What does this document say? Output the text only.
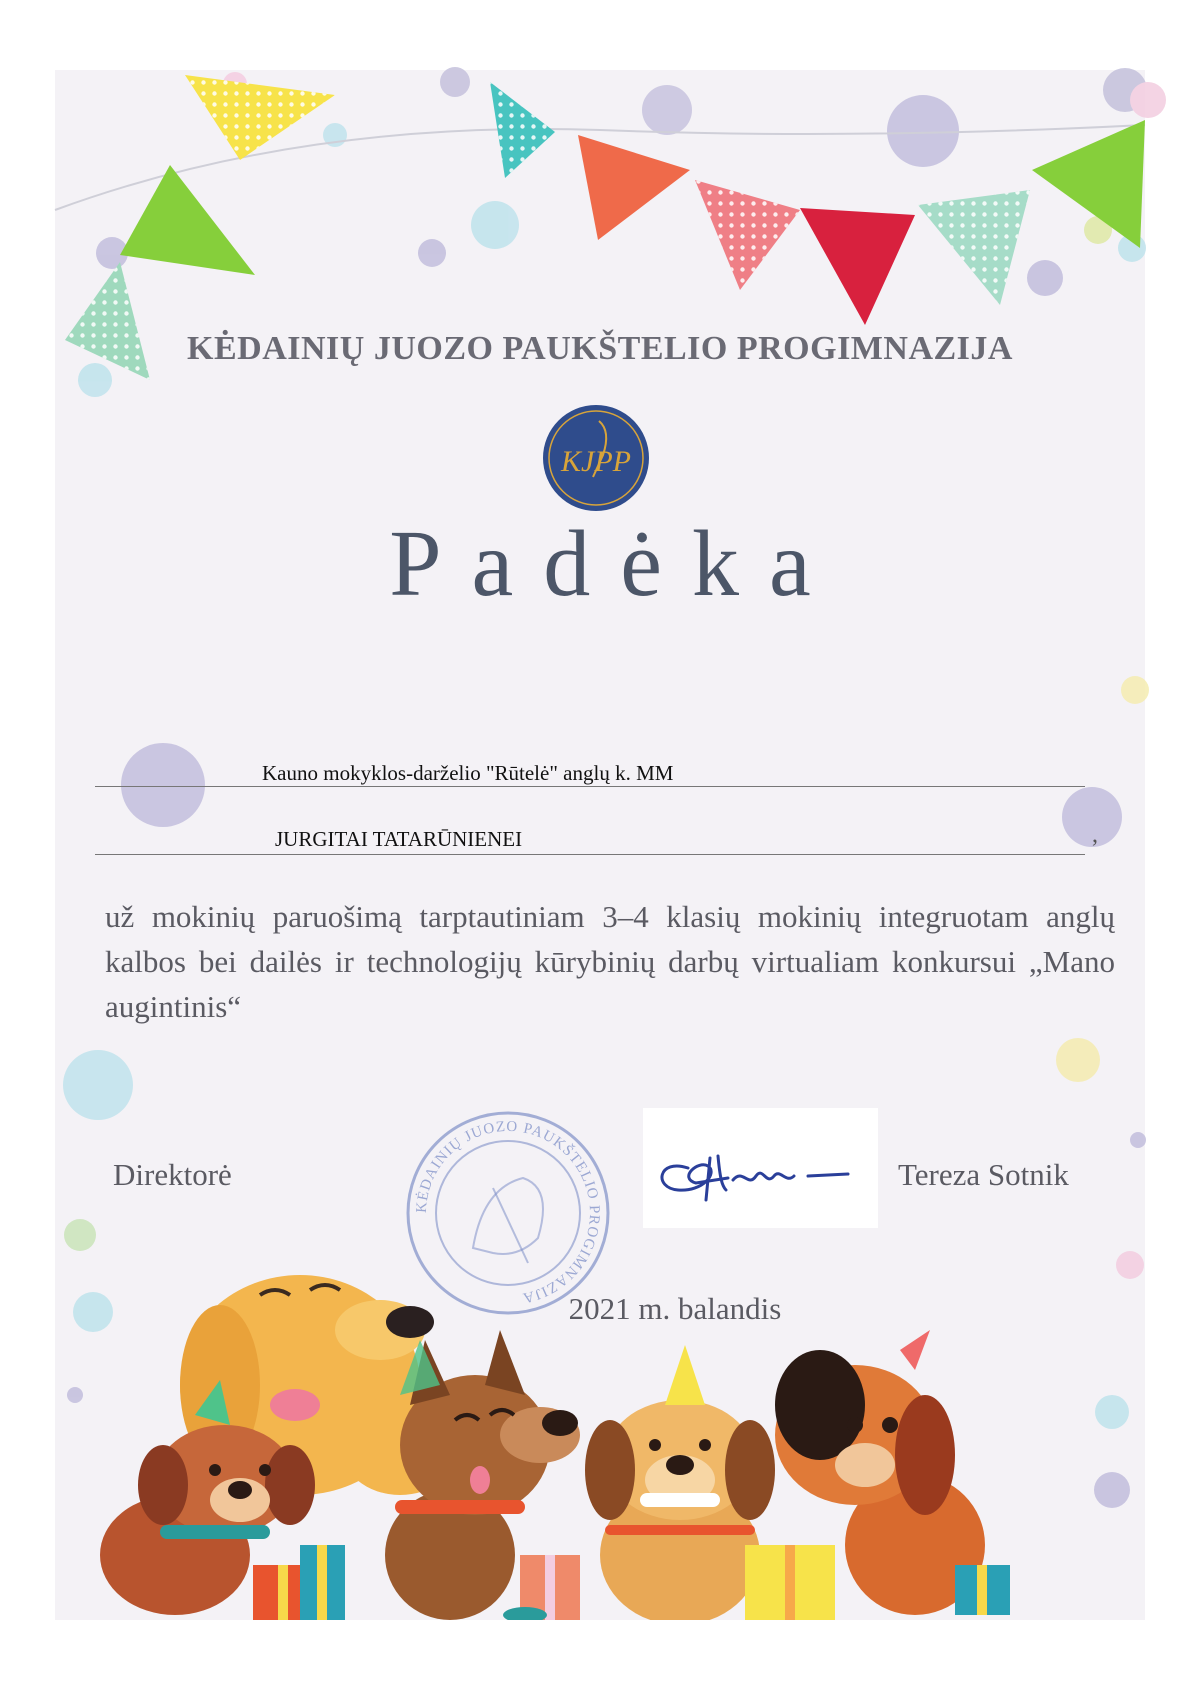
KĖDAINIŲ JUOZO PAUKŠTELIO PROGIMNAZIJA
KJPP
Padėka
Kauno mokyklos-darželio "Rūtelė" anglų k. MM
JURGITAI TATARŪNIENEI	,

už mokinių paruošimą tarptautiniam 3–4 klasių mokinių integruotam anglų kalbos bei dailės ir technologijų kūrybinių darbų virtualiam konkursui „Mano augintinis“

Direktorė
KĖDAINIŲ JUOZO PAUKŠTELIO PROGIMNAZIJA
Tereza Sotnik
2021 m. balandis
